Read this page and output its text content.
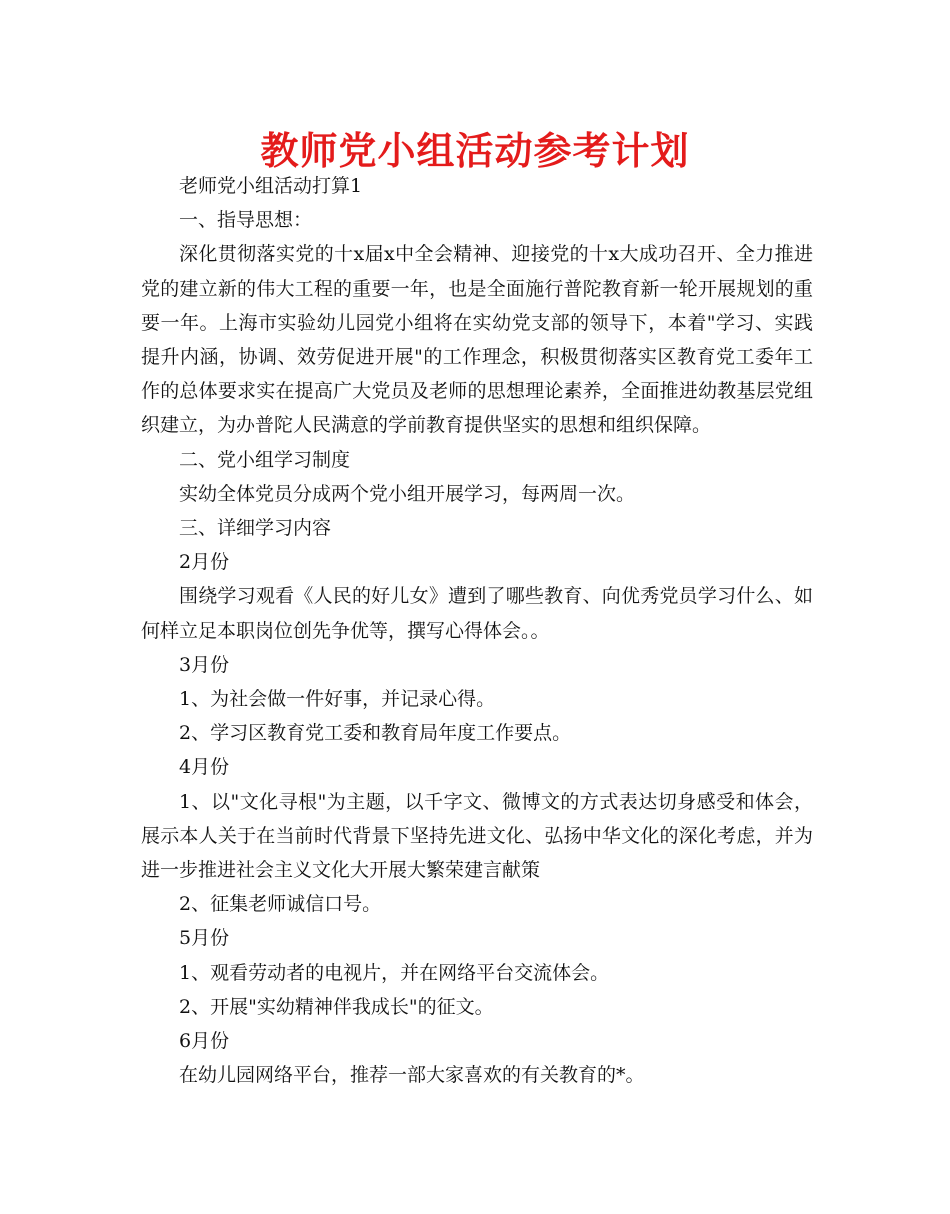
教师党小组活动参考计划

老师党小组活动打算1

一、指导思想：

深化贯彻落实党的十x届x中全会精神、迎接党的十x大成功召开、全力推进党的建立新的伟大工程的重要一年，也是全面施行普陀教育新一轮开展规划的重要一年。上海市实验幼儿园党小组将在实幼党支部的领导下，本着"学习、实践提升内涵，协调、效劳促进开展"的工作理念，积极贯彻落实区教育党工委年工作的总体要求实在提高广大党员及老师的思想理论素养，全面推进幼教基层党组织建立，为办普陀人民满意的学前教育提供坚实的思想和组织保障。

二、党小组学习制度

实幼全体党员分成两个党小组开展学习，每两周一次。

三、详细学习内容

2月份

围绕学习观看《人民的好儿女》遭到了哪些教育、向优秀党员学习什么、如何样立足本职岗位创先争优等，撰写心得体会。。

3月份

1、为社会做一件好事，并记录心得。

2、学习区教育党工委和教育局年度工作要点。

4月份

1、以"文化寻根"为主题，以千字文、微博文的方式表达切身感受和体会，展示本人关于在当前时代背景下坚持先进文化、弘扬中华文化的深化考虑，并为进一步推进社会主义文化大开展大繁荣建言献策

2、征集老师诚信口号。

5月份

1、观看劳动者的电视片，并在网络平台交流体会。

2、开展"实幼精神伴我成长"的征文。

6月份

在幼儿园网络平台，推荐一部大家喜欢的有关教育的*。
